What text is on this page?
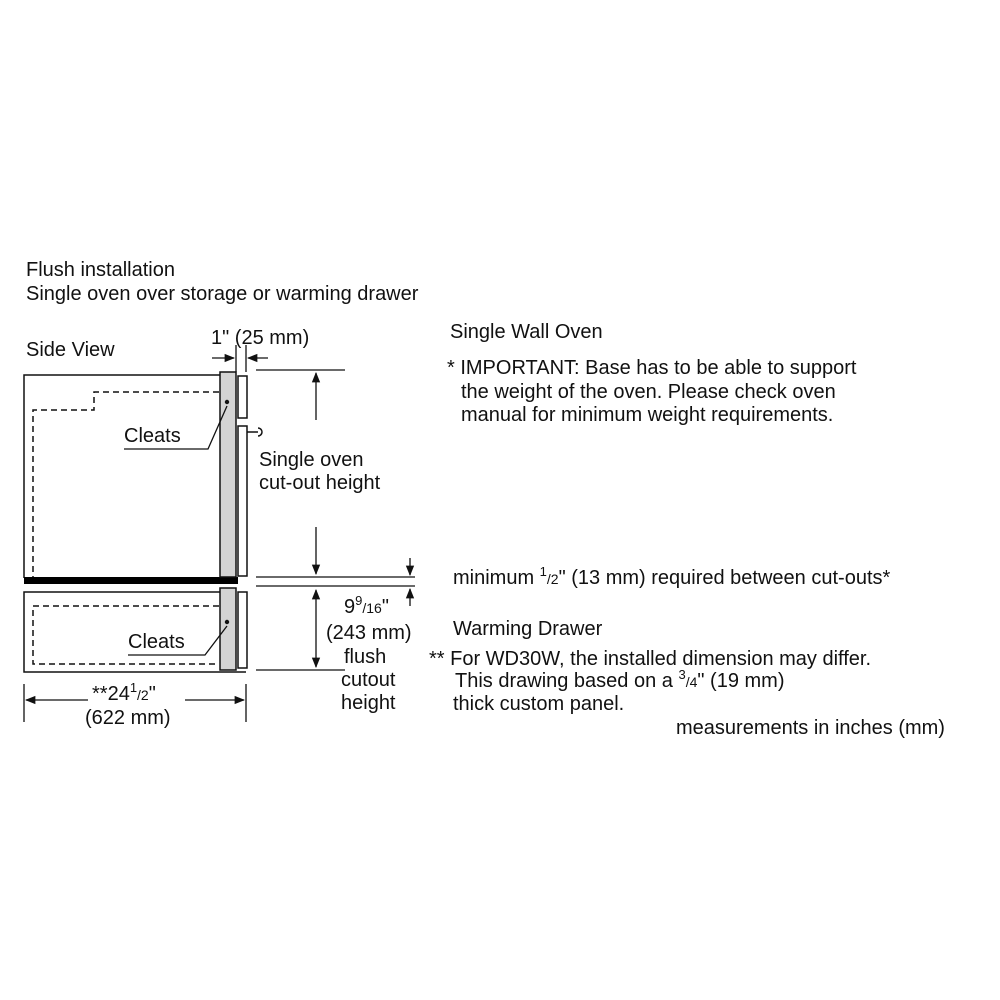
Flush installation
Single oven over storage or warming drawer
Side View
1" (25 mm)
Cleats
Cleats
Single oven
cut-out height
$9^9/16$"
(243 mm)
flush
cutout
height
$**24^1/2$"
(622 mm)
Single Wall Oven
* IMPORTANT: Base has to be able to support
the weight of the oven. Please check oven
manual for minimum weight requirements.
minimum $^1$/2" (13 mm) required between cut-outs*
Warming Drawer
** For WD30W, the installed dimension may differ.
This drawing based on a $^3$/4" (19 mm)
thick custom panel.
measurements in inches (mm)
